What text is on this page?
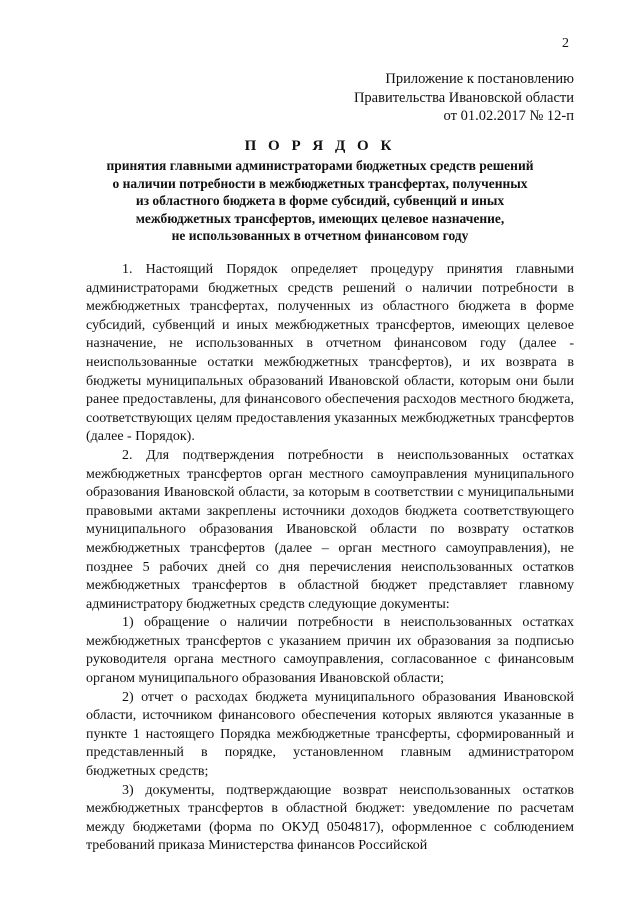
2
Приложение к постановлению
Правительства Ивановской области
от 01.02.2017 № 12-п
П О Р Я Д О К
принятия главными администраторами бюджетных средств решений
о наличии потребности в межбюджетных трансфертах, полученных
из областного бюджета в форме субсидий, субвенций и иных
межбюджетных трансфертов, имеющих целевое назначение,
не использованных в отчетном финансовом году

1. Настоящий Порядок определяет процедуру принятия главными администраторами бюджетных средств решений о наличии потребности в межбюджетных трансфертах, полученных из областного бюджета в форме субсидий, субвенций и иных межбюджетных трансфертов, имеющих целевое назначение, не использованных в отчетном финансовом году (далее - неиспользованные остатки межбюджетных трансфертов), и их возврата в бюджеты муниципальных образований Ивановской области, которым они были ранее предоставлены, для финансового обеспечения расходов местного бюджета, соответствующих целям предоставления указанных межбюджетных трансфертов (далее - Порядок).

2. Для подтверждения потребности в неиспользованных остатках межбюджетных трансфертов орган местного самоуправления муниципального образования Ивановской области, за которым в соответствии с муниципальными правовыми актами закреплены источники доходов бюджета соответствующего муниципального образования Ивановской области по возврату остатков межбюджетных трансфертов (далее – орган местного самоуправления), не позднее 5 рабочих дней со дня перечисления неиспользованных остатков межбюджетных трансфертов в областной бюджет представляет главному администратору бюджетных средств следующие документы:

1) обращение о наличии потребности в неиспользованных остатках межбюджетных трансфертов с указанием причин их образования за подписью руководителя органа местного самоуправления, согласованное с финансовым органом муниципального образования Ивановской области;

2) отчет о расходах бюджета муниципального образования Ивановской области, источником финансового обеспечения которых являются указанные в пункте 1 настоящего Порядка межбюджетные трансферты, сформированный и представленный в порядке, установленном главным администратором бюджетных средств;

3) документы, подтверждающие возврат неиспользованных остатков межбюджетных трансфертов в областной бюджет: уведомление по расчетам между бюджетами (форма по ОКУД 0504817), оформленное с соблюдением требований приказа Министерства финансов Российской
